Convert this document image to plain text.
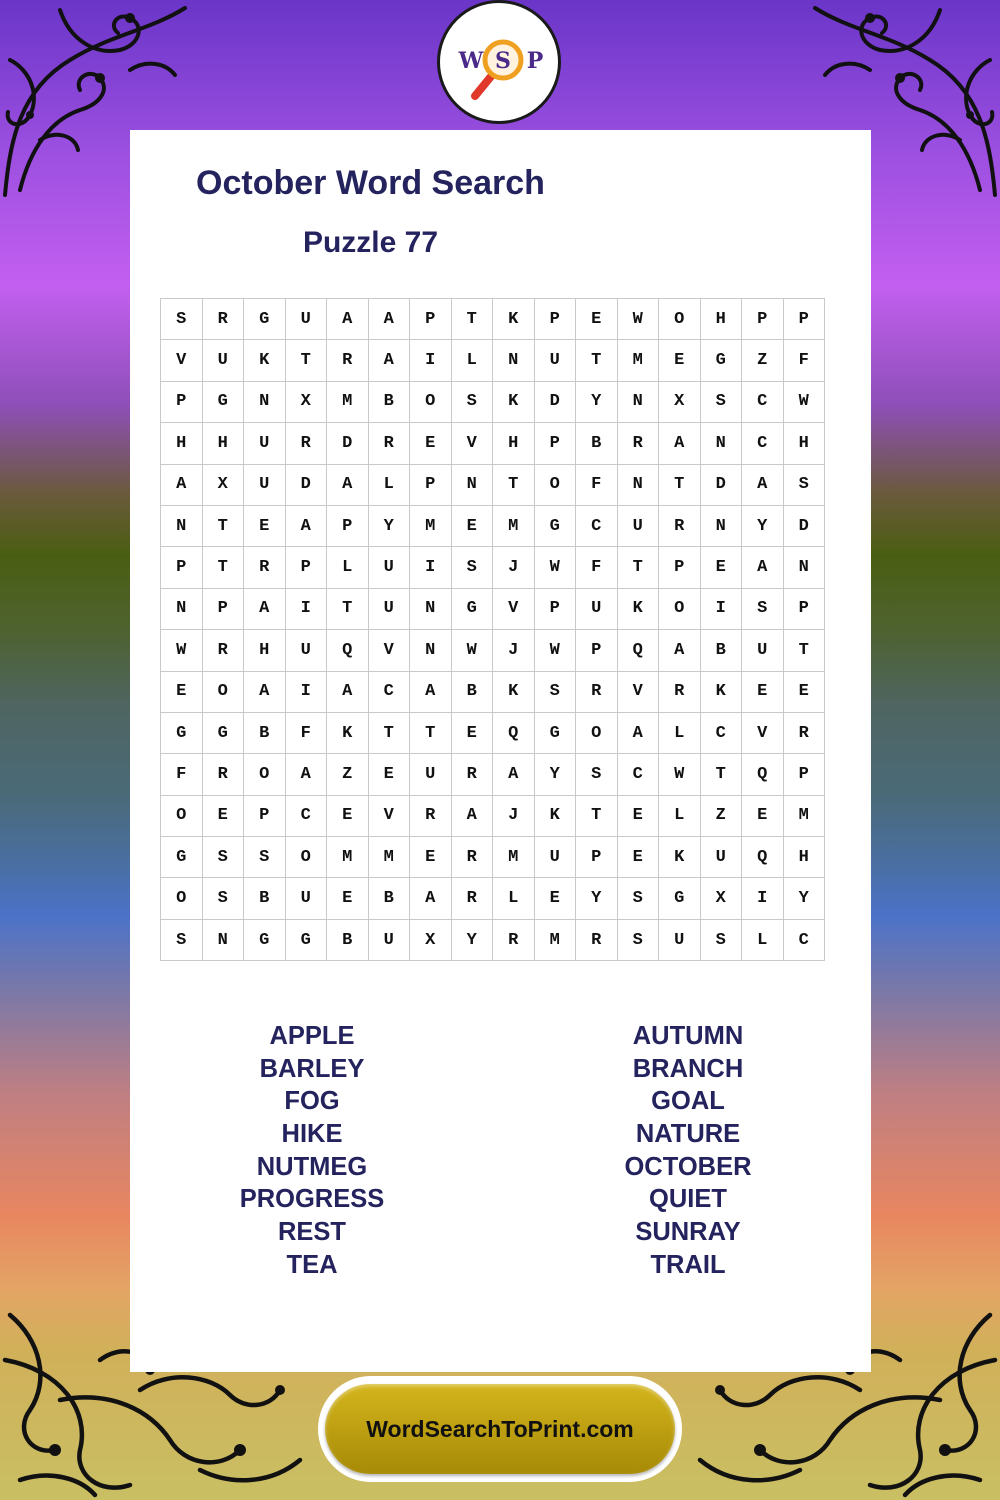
W S P
October Word Search
Puzzle 77
S	R	G	U	A	A	P	T	K	P	E	W	O	H	P	P
V	U	K	T	R	A	I	L	N	U	T	M	E	G	Z	F
P	G	N	X	M	B	O	S	K	D	Y	N	X	S	C	W
H	H	U	R	D	R	E	V	H	P	B	R	A	N	C	H
A	X	U	D	A	L	P	N	T	O	F	N	T	D	A	S
N	T	E	A	P	Y	M	E	M	G	C	U	R	N	Y	D
P	T	R	P	L	U	I	S	J	W	F	T	P	E	A	N
N	P	A	I	T	U	N	G	V	P	U	K	O	I	S	P
W	R	H	U	Q	V	N	W	J	W	P	Q	A	B	U	T
E	O	A	I	A	C	A	B	K	S	R	V	R	K	E	E
G	G	B	F	K	T	T	E	Q	G	O	A	L	C	V	R
F	R	O	A	Z	E	U	R	A	Y	S	C	W	T	Q	P
O	E	P	C	E	V	R	A	J	K	T	E	L	Z	E	M
G	S	S	O	M	M	E	R	M	U	P	E	K	U	Q	H
O	S	B	U	E	B	A	R	L	E	Y	S	G	X	I	Y
S	N	G	G	B	U	X	Y	R	M	R	S	U	S	L	C
APPLE
BARLEY
FOG
HIKE
NUTMEG
PROGRESS
REST
TEA
AUTUMN
BRANCH
GOAL
NATURE
OCTOBER
QUIET
SUNRAY
TRAIL
WordSearchToPrint.com
